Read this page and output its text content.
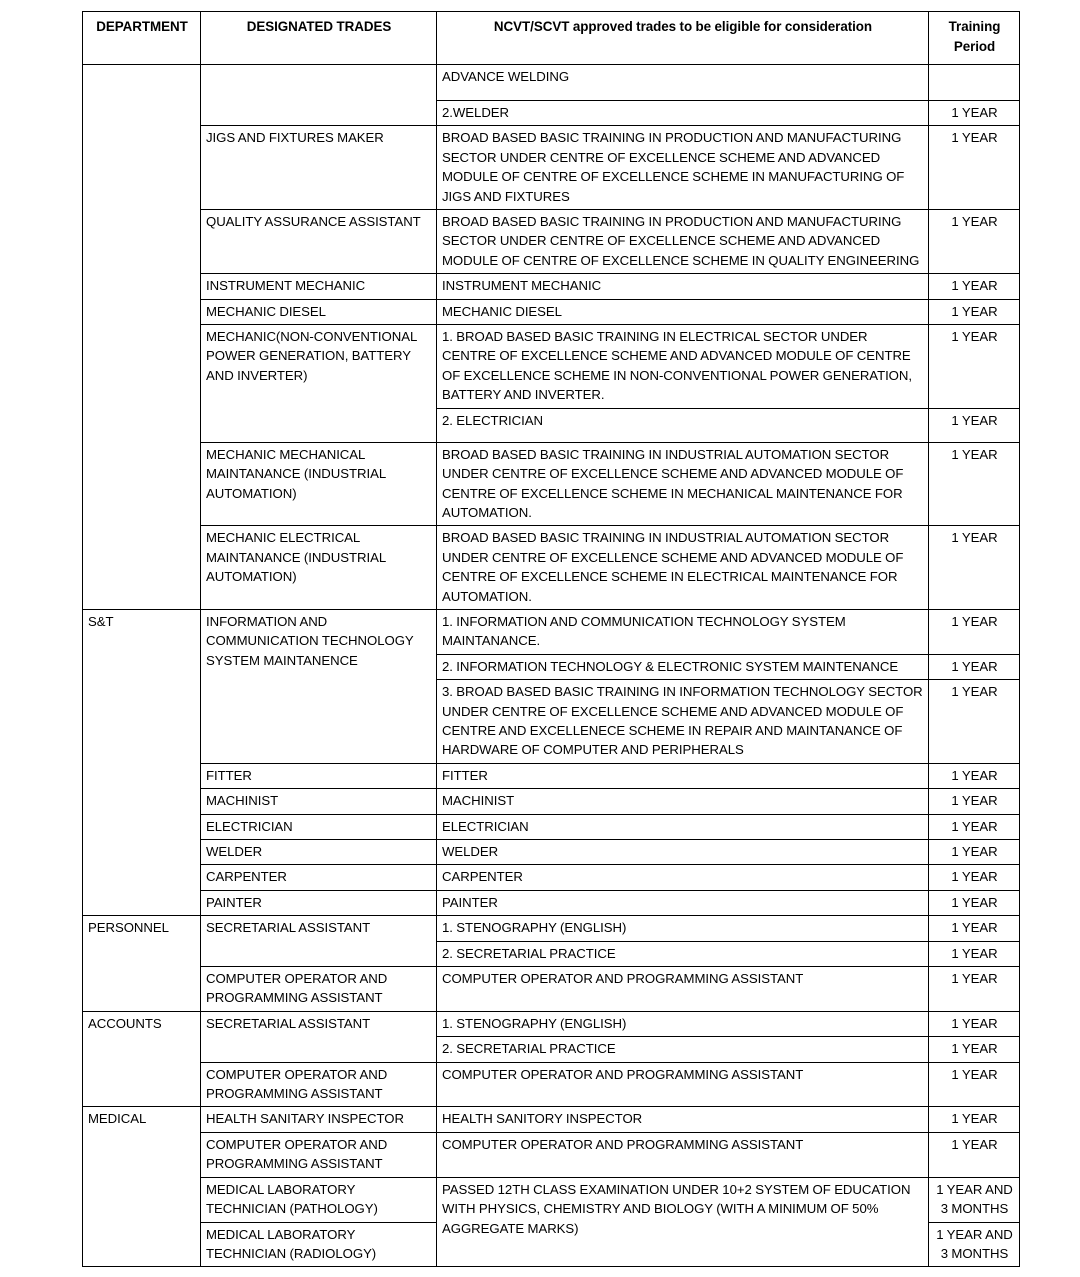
DEPARTMENT	DESIGNATED TRADES	NCVT/SCVT approved trades to be eligible for consideration	Training
Period
		ADVANCE WELDING	
		2.WELDER	1 YEAR
	JIGS AND FIXTURES MAKER	BROAD BASED BASIC TRAINING IN PRODUCTION AND MANUFACTURING SECTOR UNDER CENTRE OF EXCELLENCE SCHEME AND ADVANCED MODULE OF CENTRE OF EXCELLENCE SCHEME IN MANUFACTURING OF JIGS AND FIXTURES	1 YEAR
	QUALITY ASSURANCE ASSISTANT	BROAD BASED BASIC TRAINING IN PRODUCTION AND MANUFACTURING SECTOR UNDER CENTRE OF EXCELLENCE SCHEME AND ADVANCED MODULE OF CENTRE OF EXCELLENCE SCHEME IN QUALITY ENGINEERING	1 YEAR
	INSTRUMENT MECHANIC	INSTRUMENT MECHANIC	1 YEAR
	MECHANIC DIESEL	MECHANIC DIESEL	1 YEAR
	MECHANIC(NON-CONVENTIONAL POWER GENERATION, BATTERY AND INVERTER)	1. BROAD BASED BASIC TRAINING IN ELECTRICAL SECTOR UNDER CENTRE OF EXCELLENCE SCHEME AND ADVANCED MODULE OF CENTRE OF EXCELLENCE SCHEME IN NON-CONVENTIONAL POWER GENERATION, BATTERY AND INVERTER.	1 YEAR
		2. ELECTRICIAN	1 YEAR
	MECHANIC MECHANICAL MAINTANANCE (INDUSTRIAL AUTOMATION)	BROAD BASED BASIC TRAINING IN INDUSTRIAL AUTOMATION SECTOR UNDER CENTRE OF EXCELLENCE SCHEME AND ADVANCED MODULE OF CENTRE OF EXCELLENCE SCHEME IN MECHANICAL MAINTENANCE FOR AUTOMATION.	1 YEAR
	MECHANIC ELECTRICAL MAINTANANCE (INDUSTRIAL AUTOMATION)	BROAD BASED BASIC TRAINING IN INDUSTRIAL AUTOMATION SECTOR UNDER CENTRE OF EXCELLENCE SCHEME AND ADVANCED MODULE OF CENTRE OF EXCELLENCE SCHEME IN ELECTRICAL MAINTENANCE FOR AUTOMATION.	1 YEAR
S&T	INFORMATION AND COMMUNICATION TECHNOLOGY SYSTEM MAINTANENCE	1. INFORMATION AND COMMUNICATION TECHNOLOGY SYSTEM MAINTANANCE.	1 YEAR
		2. INFORMATION TECHNOLOGY & ELECTRONIC SYSTEM MAINTENANCE	1 YEAR
		3. BROAD BASED BASIC TRAINING IN INFORMATION TECHNOLOGY SECTOR UNDER CENTRE OF EXCELLENCE SCHEME AND ADVANCED MODULE OF CENTRE AND EXCELLENECE SCHEME IN REPAIR AND MAINTANANCE OF HARDWARE OF COMPUTER AND PERIPHERALS	1 YEAR
	FITTER	FITTER	1 YEAR
	MACHINIST	MACHINIST	1 YEAR
	ELECTRICIAN	ELECTRICIAN	1 YEAR
	WELDER	WELDER	1 YEAR
	CARPENTER	CARPENTER	1 YEAR
	PAINTER	PAINTER	1 YEAR
PERSONNEL	SECRETARIAL ASSISTANT	1. STENOGRAPHY (ENGLISH)	1 YEAR
		2. SECRETARIAL PRACTICE	1 YEAR
	COMPUTER OPERATOR AND PROGRAMMING ASSISTANT	COMPUTER OPERATOR AND PROGRAMMING ASSISTANT	1 YEAR
ACCOUNTS	SECRETARIAL ASSISTANT	1. STENOGRAPHY (ENGLISH)	1 YEAR
		2. SECRETARIAL PRACTICE	1 YEAR
	COMPUTER OPERATOR AND PROGRAMMING ASSISTANT	COMPUTER OPERATOR AND PROGRAMMING ASSISTANT	1 YEAR
MEDICAL	HEALTH SANITARY INSPECTOR	HEALTH SANITORY INSPECTOR	1 YEAR
	COMPUTER OPERATOR AND PROGRAMMING ASSISTANT	COMPUTER OPERATOR AND PROGRAMMING ASSISTANT	1 YEAR
	MEDICAL LABORATORY TECHNICIAN (PATHOLOGY)	PASSED 12TH CLASS EXAMINATION UNDER 10+2 SYSTEM OF EDUCATION WITH PHYSICS, CHEMISTRY AND BIOLOGY (WITH A MINIMUM OF 50% AGGREGATE MARKS)	1 YEAR AND 3 MONTHS
	MEDICAL LABORATORY TECHNICIAN (RADIOLOGY)		1 YEAR AND 3 MONTHS
